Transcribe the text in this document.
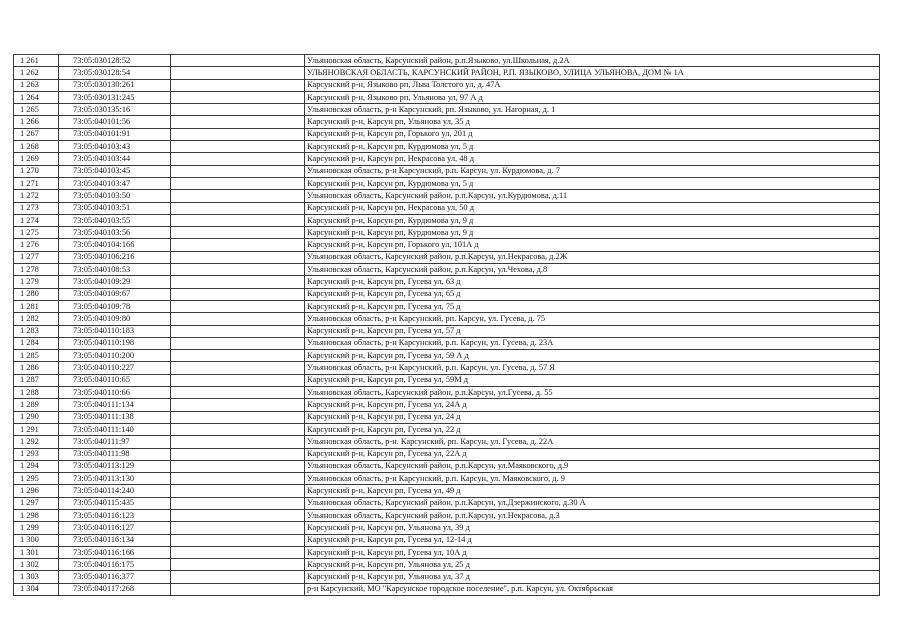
1 261	73:05:030128:52		Ульяновская область, Карсунский район, р.п.Языково, ул.Школьная, д.2А
1 262	73:05:030128:54		УЛЬЯНОВСКАЯ ОБЛАСТЬ, КАРСУНСКИЙ РАЙОН, Р.П. ЯЗЫКОВО, УЛИЦА УЛЬЯНОВА, ДОМ № 1А
1 263	73:05:030130:261		Карсунский р-н, Языково рп, Льва Толстого ул, д. 47А
1 264	73:05:030131:245		Карсунский р-н, Языково рп, Ульянова ул, 97 А д
1 265	73:05:030135:16		Ульяновская область, р-н Карсунский, рп. Языково, ул. Нагорная, д. 1
1 266	73:05:040101:56		Карсунский р-н, Карсун рп, Ульянова ул, 35 д
1 267	73:05:040101:91		Карсунский р-н, Карсун рп, Горького ул, 201 д
1 268	73:05:040103:43		Карсунский р-н, Карсун рп, Курдюмова ул, 5 д
1 269	73:05:040103:44		Карсунский р-н, Карсун рп, Некрасова ул, 48 д
1 270	73:05:040103:45		Ульяновская область, р-н Карсунский, р.п. Карсун, ул. Курдюмова, д. 7
1 271	73:05:040103:47		Карсунский р-н, Карсун рп, Курдюмова ул, 5 д
1 272	73:05:040103:50		Ульяновская область, Карсунский район, р.п.Карсун, ул.Курдюмова, д.11
1 273	73:05:040103:51		Карсунский р-н, Карсун рп, Некрасова ул, 50 д
1 274	73:05:040103:55		Карсунский р-н, Карсун рп, Курдюмова ул, 9 д
1 275	73:05:040103:56		Карсунский р-н, Карсун рп, Курдюмова ул, 9 д
1 276	73:05:040104:166		Карсунский р-н, Карсун рп, Горького ул, 101А д
1 277	73:05:040106:216		Ульяновская область, Карсунский район, р.п.Карсун, ул.Некрасова, д.2Ж
1 278	73:05:040108:53		Ульяновская область, Карсунский район, р.п.Карсун, ул.Чехова, д.8
1 279	73:05:040109:29		Карсунский р-н, Карсун рп, Гусева ул, 63 д
1 280	73:05:040109:67		Карсунский р-н, Карсун рп, Гусева ул, 65 д
1 281	73:05:040109:78		Карсунский р-н, Карсун рп, Гусева ул, 75 д
1 282	73:05:040109:80		Ульяновская область, р-н Карсунский, рп. Карсун, ул. Гусева, д. 75
1 283	73:05:040110:183		Карсунский р-н, Карсун рп, Гусева ул, 57 д
1 284	73:05:040110:198		Ульяновская область, р-н Карсунский, р.п. Карсун, ул. Гусева, д. 23А
1 285	73:05:040110:200		Карсунский р-н, Карсун рп, Гусева ул, 59 А д
1 286	73:05:040110:227		Ульяновская область, р-н Карсунский, р.п. Карсун, ул. Гусева, д. 57 Я
1 287	73:05:040110:65		Карсунский р-н, Карсун рп, Гусева ул, 59М д
1 288	73:05:040110:66		Ульяновская область, Карсунский район, р.п.Карсун, ул.Гусева, д. 55
1 289	73:05:040111:134		Карсунский р-н, Карсун рп, Гусева ул, 24А д
1 290	73:05:040111:138		Карсунский р-н, Карсун рп, Гусева ул, 24 д
1 291	73:05:040111:140		Карсунский р-н, Карсун рп, Гусева ул, 22 д
1 292	73:05:040111:97		Ульяновская область, р-н. Карсунский, рп. Карсун, ул. Гусева, д. 22А
1 293	73:05:040111:98		Карсунский р-н, Карсун рп, Гусева ул, 22А д
1 294	73:05:040113:129		Ульяновская область, Карсунский район, р.п.Карсун, ул.Маяковского, д.9
1 295	73:05:040113:130		Ульяновская область, р-н Карсунский, р.п. Карсун, ул. Маяковского, д. 9
1 296	73:05:040114:240		Карсунский р-н, Карсун рп, Гусева ул, 49 д
1 297	73:05:040115:435		Ульяновская область, Карсунский район, р.п.Карсун, ул.Дзержинского, д.30 А
1 298	73:05:040116:123		Ульяновская область, Карсунский район, р.п.Карсун, ул.Некрасова, д.3
1 299	73:05:040116:127		Карсунский р-н, Карсун рп, Ульянова ул, 39 д
1 300	73:05:040116:134		Карсунский р-н, Карсун рп, Гусева ул, 12-14 д
1 301	73:05:040116:166		Карсунский р-н, Карсун рп, Гусева ул, 10А д
1 302	73:05:040116:175		Карсунский р-н, Карсун рп, Ульянова ул, 25 д
1 303	73:05:040116:377		Карсунский р-н, Карсун рп, Ульянова ул, 37 д
1 304	73:05:040117:268		р-н Карсунский, МО "Карсунское городское поселение", р.п. Карсун, ул. Октябрьская
